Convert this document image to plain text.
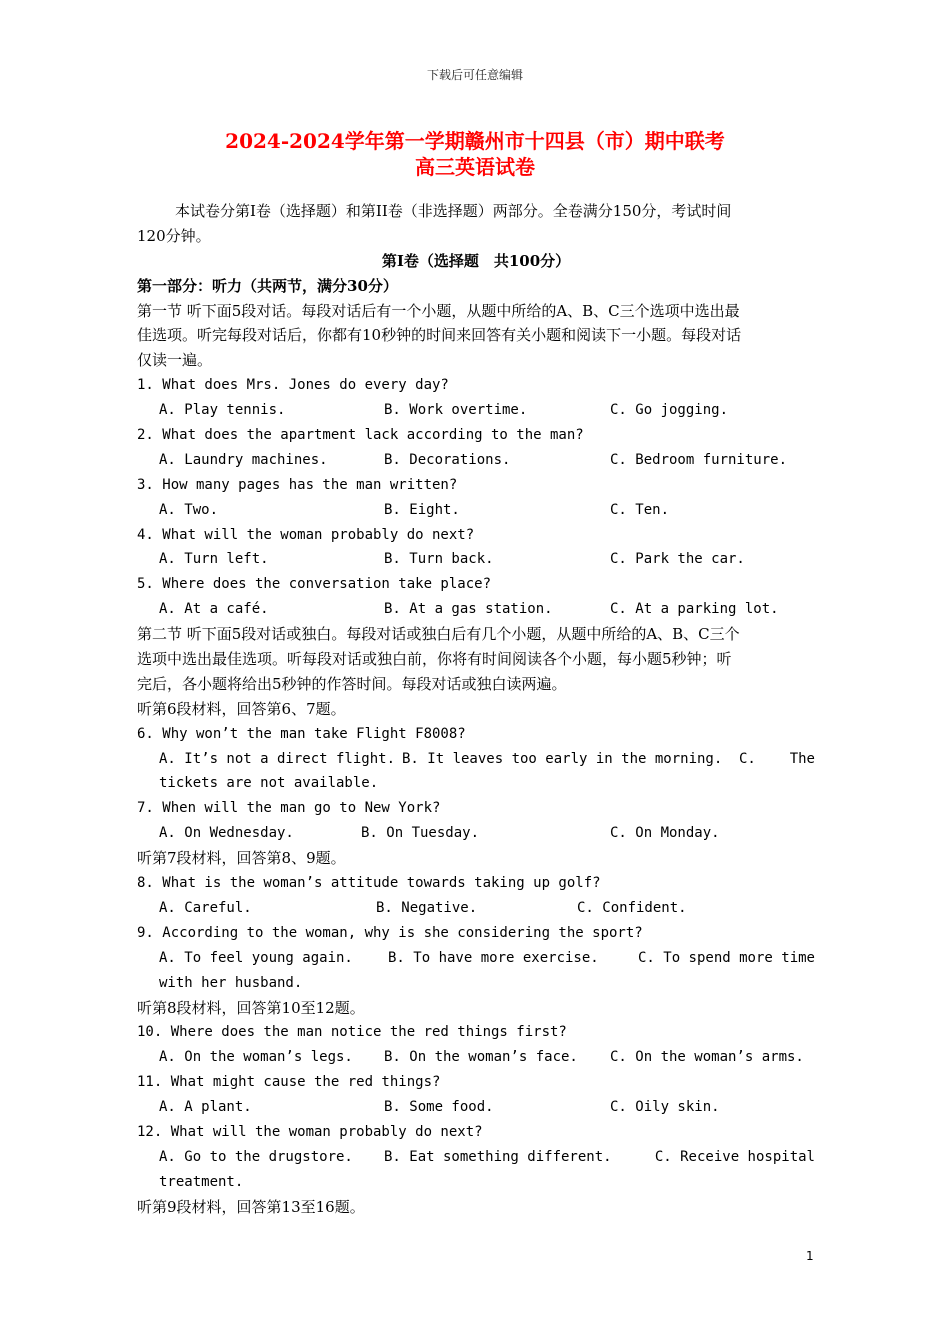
下载后可任意编辑
2024-2024学年第一学期赣州市十四县（市）期中联考
高三英语试卷
本试卷分第Ⅰ卷（选择题）和第II卷（非选择题）两部分。全卷满分150分，考试时间
120分钟。
第Ⅰ卷（选择题　共100分）
第一部分：听力（共两节，满分30分）
第一节 听下面5段对话。每段对话后有一个小题，从题中所给的A、B、C三个选项中选出最
佳选项。听完每段对话后，你都有10秒钟的时间来回答有关小题和阅读下一小题。每段对话
仅读一遍。
1. What does Mrs. Jones do every day?
A. Play tennis.	B. Work overtime.	C. Go jogging.
2. What does the apartment lack according to the man?
A. Laundry machines.	B. Decorations.	C. Bedroom furniture.
3. How many pages has the man written?
A. Two.	B. Eight.	C. Ten.
4. What will the woman probably do next?
A. Turn left.	B. Turn back.	C. Park the car.
5. Where does the conversation take place?
A. At a café.	B. At a gas station.	C. At a parking lot.
第二节 听下面5段对话或独白。每段对话或独白后有几个小题，从题中所给的A、B、C三个
选项中选出最佳选项。听每段对话或独白前，你将有时间阅读各个小题，每小题5秒钟；听
完后，各小题将给出5秒钟的作答时间。每段对话或独白读两遍。
听第6段材料，回答第6、7题。
6. Why won’t the man take Flight F8008?
A. It’s not a direct flight. B. It leaves too early in the morning. C. The
tickets are not available.
7. When will the man go to New York?
A. On Wednesday.	B. On Tuesday.	C. On Monday.
听第7段材料，回答第8、9题。
8. What is the woman’s attitude towards taking up golf?
A. Careful.	B. Negative.	C. Confident.
9. According to the woman, why is she considering the sport?
A. To feel young again.	B. To have more exercise.	C. To spend more time
with her husband.
听第8段材料，回答第10至12题。
10. Where does the man notice the red things first?
A. On the woman’s legs. B. On the woman’s face. C. On the woman’s arms.
11. What might cause the red things?
A. A plant.	B. Some food.	C. Oily skin.
12. What will the woman probably do next?
A. Go to the drugstore. B. Eat something different.	C. Receive hospital
treatment.
听第9段材料，回答第13至16题。
1
